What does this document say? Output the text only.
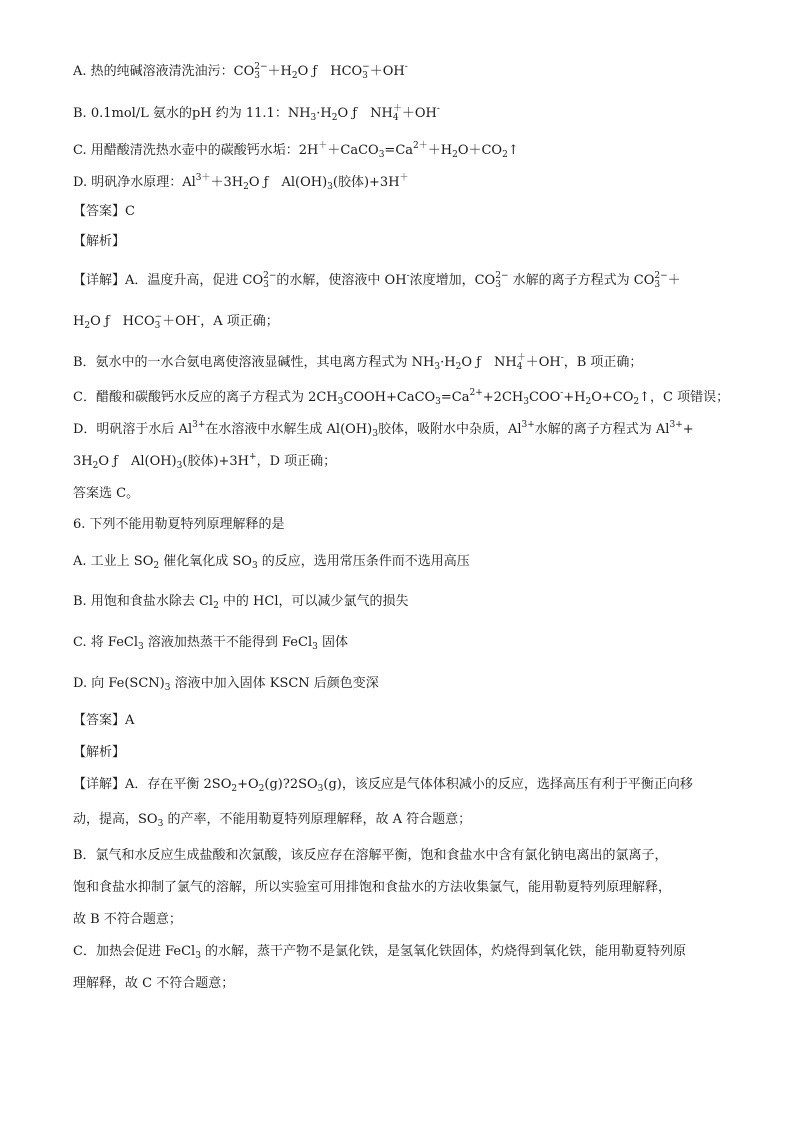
A. 热的纯碱溶液清洗油污：CO 2−
3 ＋H
2 O ƒ　HCO −
3 ＋OH -

B. 0.1mol/L 氨水的pH 约为 11.1：NH
3 ·H
2 O ƒ　NH ＋
4 ＋OH -

C. 用醋酸清洗热水壶中的碳酸钙水垢：2H ＋
＋CaCO
3 =Ca 2＋
＋H
2 O＋CO
2 ↑
D. 明矾净水原理：Al 3＋
＋3H
2 O ƒ　Al(OH)
3 (胶体)+3H ＋

【答案】C
【解析】
【详解】A．温度升高，促进 CO 2−
3 的水解，使溶液中 OH -
浓度增加，CO 2−
3 水解的离子方程式为 CO 2−
3 ＋
H
2 O ƒ　HCO −
3 ＋OH -
，A 项正确；
B．氨水中的一水合氨电离使溶液显碱性，其电离方程式为 NH
3 ·H
2 O ƒ　NH ＋
4 ＋OH -
，B 项正确；
C．醋酸和碳酸钙水反应的离子方程式为 2CH
3 COOH+CaCO
3 =Ca 2+
+2CH
3 COO -
+H
2 O+CO
2 ↑，C 项错误；
D．明矾溶于水后 Al 3+
在水溶液中水解生成 Al(OH)
3 胶体，吸附水中杂质，Al 3+
水解的离子方程式为 Al 3+
+
3H
2 O ƒ　Al(OH)
3 (胶体)+3H +
，D 项正确；
答案选 C。
6. 下列不能用勒夏特列原理解释的是
A. 工业上 SO
2 催化氧化成 SO
3 的反应，选用常压条件而不选用高压
B. 用饱和食盐水除去 Cl
2 中的 HCl，可以减少氯气的损失
C. 将 FeCl
3 溶液加热蒸干不能得到 FeCl
3 固体
D. 向 Fe(SCN)
3 溶液中加入固体 KSCN 后颜色变深
【答案】A
【解析】
【详解】A．存在平衡 2SO
2 +O
2 (g)?2SO
3 (g)，该反应是气体体积减小的反应，选择高压有利于平衡正向移
动，提高，SO
3 的产率，不能用勒夏特列原理解释，故 A 符合题意；
B．氯气和水反应生成盐酸和次氯酸，该反应存在溶解平衡，饱和食盐水中含有氯化钠电离出的氯离子，
饱和食盐水抑制了氯气的溶解，所以实验室可用排饱和食盐水的方法收集氯气，能用勒夏特列原理解释，
故 B 不符合题意；
C．加热会促进 FeCl
3 的水解，蒸干产物不是氯化铁，是氢氧化铁固体，灼烧得到氧化铁，能用勒夏特列原
理解释，故 C 不符合题意；
